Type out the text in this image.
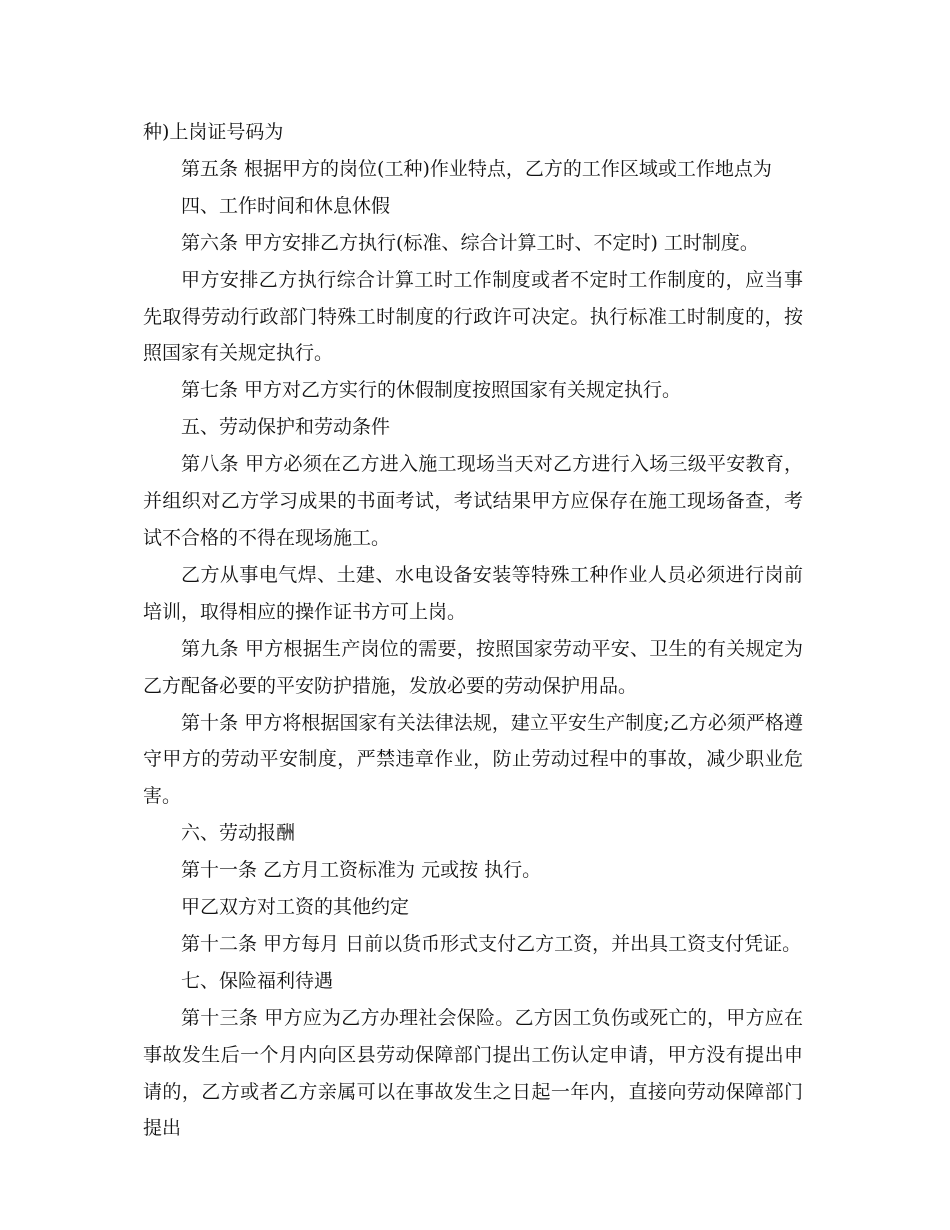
种)上岗证号码为

第五条 根据甲方的岗位(工种)作业特点，乙方的工作区域或工作地点为

四、工作时间和休息休假

第六条 甲方安排乙方执行(标准、综合计算工时、不定时) 工时制度。

甲方安排乙方执行综合计算工时工作制度或者不定时工作制度的，应当事先取得劳动行政部门特殊工时制度的行政许可决定。执行标准工时制度的，按照国家有关规定执行。

第七条 甲方对乙方实行的休假制度按照国家有关规定执行。

五、劳动保护和劳动条件

第八条 甲方必须在乙方进入施工现场当天对乙方进行入场三级平安教育，并组织对乙方学习成果的书面考试，考试结果甲方应保存在施工现场备查，考试不合格的不得在现场施工。

乙方从事电气焊、土建、水电设备安装等特殊工种作业人员必须进行岗前培训，取得相应的操作证书方可上岗。

第九条 甲方根据生产岗位的需要，按照国家劳动平安、卫生的有关规定为乙方配备必要的平安防护措施，发放必要的劳动保护用品。

第十条 甲方将根据国家有关法律法规，建立平安生产制度;乙方必须严格遵守甲方的劳动平安制度，严禁违章作业，防止劳动过程中的事故，减少职业危害。

六、劳动报酬

第十一条 乙方月工资标准为 元或按 执行。

甲乙双方对工资的其他约定

第十二条 甲方每月 日前以货币形式支付乙方工资，并出具工资支付凭证。

七、保险福利待遇

第十三条 甲方应为乙方办理社会保险。乙方因工负伤或死亡的，甲方应在事故发生后一个月内向区县劳动保障部门提出工伤认定申请，甲方没有提出申请的，乙方或者乙方亲属可以在事故发生之日起一年内，直接向劳动保障部门提出
